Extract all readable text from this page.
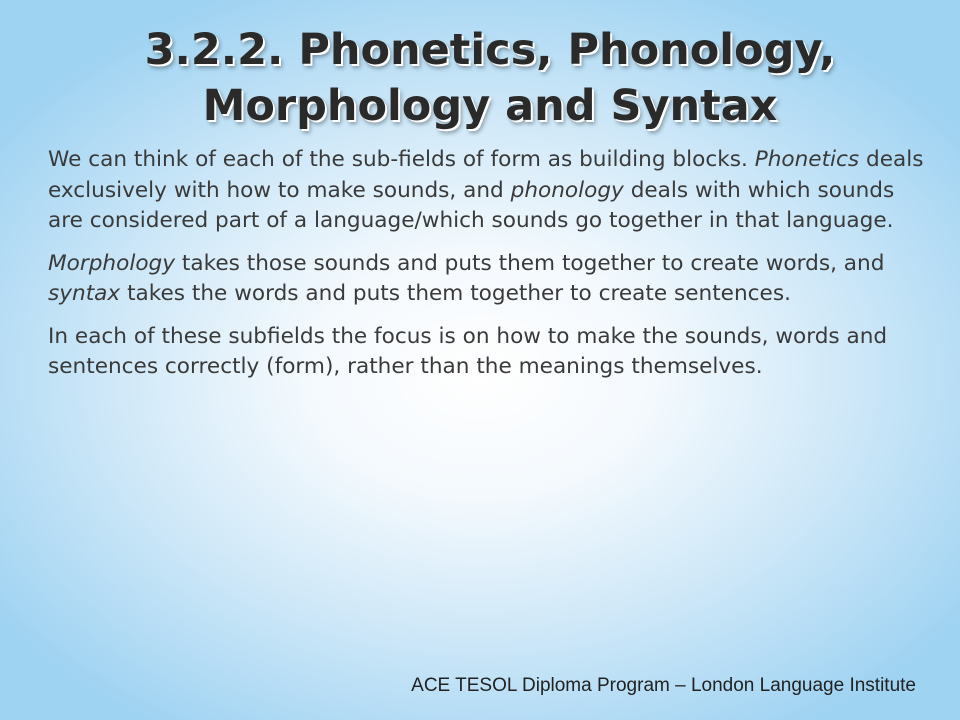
3.2.2. Phonetics, Phonology, Morphology and Syntax

We can think of each of the sub-fields of form as building blocks. Phonetics deals exclusively with how to make sounds, and phonology deals with which sounds are considered part of a language/which sounds go together in that language.

Morphology takes those sounds and puts them together to create words, and syntax takes the words and puts them together to create sentences.

In each of these subfields the focus is on how to make the sounds, words and sentences correctly (form), rather than the meanings themselves.

ACE TESOL Diploma Program – London Language Institute
